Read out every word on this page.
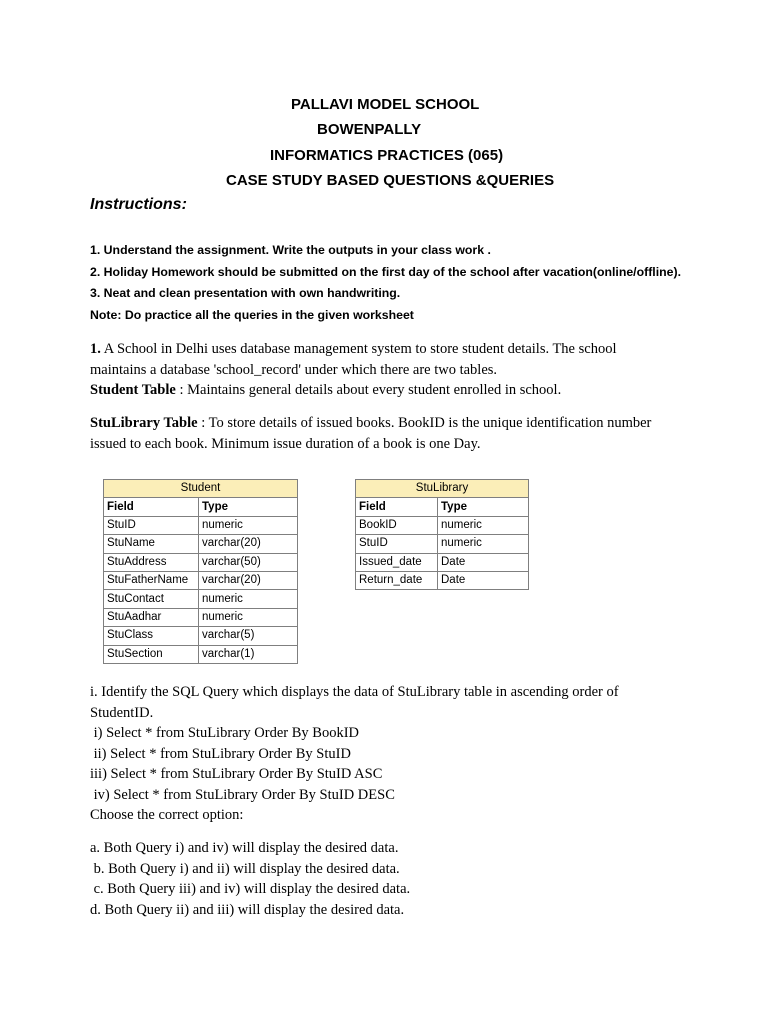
PALLAVI MODEL SCHOOL
BOWENPALLY
INFORMATICS PRACTICES (065)
CASE STUDY BASED QUESTIONS &QUERIES
Instructions:
1. Understand the assignment. Write the outputs in your class work .
2. Holiday Homework should be submitted on the first day of the school after vacation(online/offline).
3. Neat and clean presentation with own handwriting.
Note: Do practice all the queries in the given worksheet
1. A School in Delhi uses database management system to store student details. The school
maintains a database 'school_record' under which there are two tables.
Student Table : Maintains general details about every student enrolled in school.
StuLibrary Table : To store details of issued books. BookID is the unique identification number
issued to each book. Minimum issue duration of a book is one Day.
Student	
Field	Type
StuID	numeric
StuName	varchar(20)
StuAddress	varchar(50)
StuFatherName	varchar(20)
StuContact	numeric
StuAadhar	numeric
StuClass	varchar(5)
StuSection	varchar(1)
StuLibrary	
Field	Type
BookID	numeric
StuID	numeric
Issued_date	Date
Return_date	Date
i. Identify the SQL Query which displays the data of StuLibrary table in ascending order of
StudentID.
i) Select * from StuLibrary Order By BookID
ii) Select * from StuLibrary Order By StuID
iii) Select * from StuLibrary Order By StuID ASC
iv) Select * from StuLibrary Order By StuID DESC
Choose the correct option:
a. Both Query i) and iv) will display the desired data.
b. Both Query i) and ii) will display the desired data.
c. Both Query iii) and iv) will display the desired data.
d. Both Query ii) and iii) will display the desired data.
